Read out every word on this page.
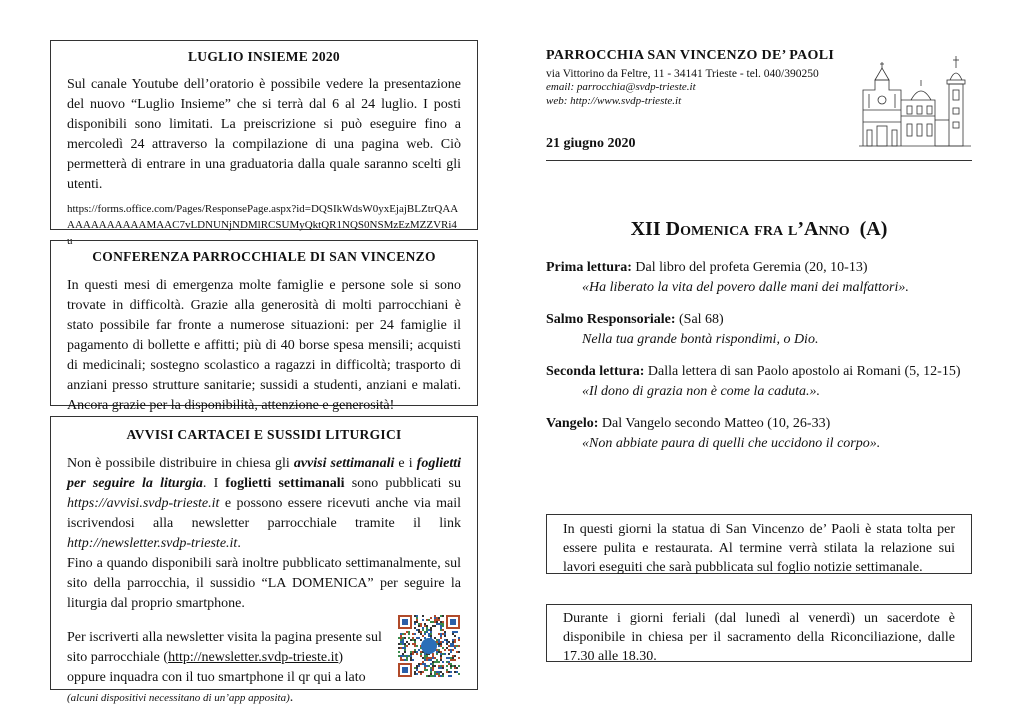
LUGLIO INSIEME 2020

Sul canale Youtube dell’oratorio è possibile vedere la presentazione del nuovo “Luglio Insieme” che si terrà dal 6 al 24 luglio. I posti disponibili sono limitati. La preiscrizione si può eseguire fino a mercoledì 24 attraverso la compilazione di una pagina web. Ciò permetterà di entrare in una graduatoria dalla quale saranno scelti gli utenti.

https://forms.office.com/Pages/ResponsePage.aspx?id=DQSIkWdsW0yxEjajBLZtrQAAAAAAAAAAAAMAAC7vLDNUNjNDMlRCSUMyQktQR1NQS0NSMzEzMZZVRi4u

CONFERENZA PARROCCHIALE DI SAN VINCENZO

In questi mesi di emergenza molte famiglie e persone sole si sono trovate in difficoltà. Grazie alla generosità di molti parrocchiani è stato possibile far fronte a numerose situazioni: per 24 famiglie il pagamento di bollette e affitti; più di 40 borse spesa mensili; acquisti di medicinali; sostegno scolastico a ragazzi in difficoltà; trasporto di anziani presso strutture sanitarie; sussidi a studenti, anziani e malati. Ancora grazie per la disponibilità, attenzione e generosità!

AVVISI CARTACEI E SUSSIDI LITURGICI

Non è possibile distribuire in chiesa gli avvisi settimanali e i foglietti per seguire la liturgia. I foglietti settimanali sono pubblicati su https://avvisi.svdp-trieste.it e possono essere ricevuti anche via mail iscrivendosi alla newsletter parrocchiale tramite il link http://newsletter.svdp-trieste.it.

Fino a quando disponibili sarà inoltre pubblicato settimanalmente, sul sito della parrocchia, il sussidio “LA DOMENICA” per seguire la liturgia dal proprio smartphone.

Per iscriverti alla newsletter visita la pagina presente sul sito parrocchiale (http://newsletter.svdp-trieste.it) oppure inquadra con il tuo smartphone il qr qui a lato
(alcuni dispositivi necessitano di un’app apposita).

PARROCCHIA SAN VINCENZO DE’ PAOLI
via Vittorino da Feltre, 11 - 34141 Trieste - tel. 040/390250
email: parrocchia@svdp-trieste.it
web: http://www.svdp-trieste.it
21 giugno 2020
XII Domenica fra l’Anno  (A)
Prima lettura: Dal libro del profeta Geremia (20, 10-13)
«Ha liberato la vita del povero dalle mani dei malfattori».
Salmo Responsoriale: (Sal 68)
Nella tua grande bontà rispondimi, o Dio.
Seconda lettura: Dalla lettera di san Paolo apostolo ai Romani (5, 12-15)
«Il dono di grazia non è come la caduta.».
Vangelo: Dal Vangelo secondo Matteo (10, 26-33)
«Non abbiate paura di quelli che uccidono il corpo».
In questi giorni la statua di San Vincenzo de’ Paoli è stata tolta per essere pulita e restaurata. Al termine verrà stilata la relazione sui lavori eseguiti che sarà pubblicata sul foglio notizie settimanale.
Durante i giorni feriali (dal lunedì al venerdì) un sacerdote è disponibile in chiesa per il sacramento della Riconciliazione, dalle 17.30 alle 18.30.
